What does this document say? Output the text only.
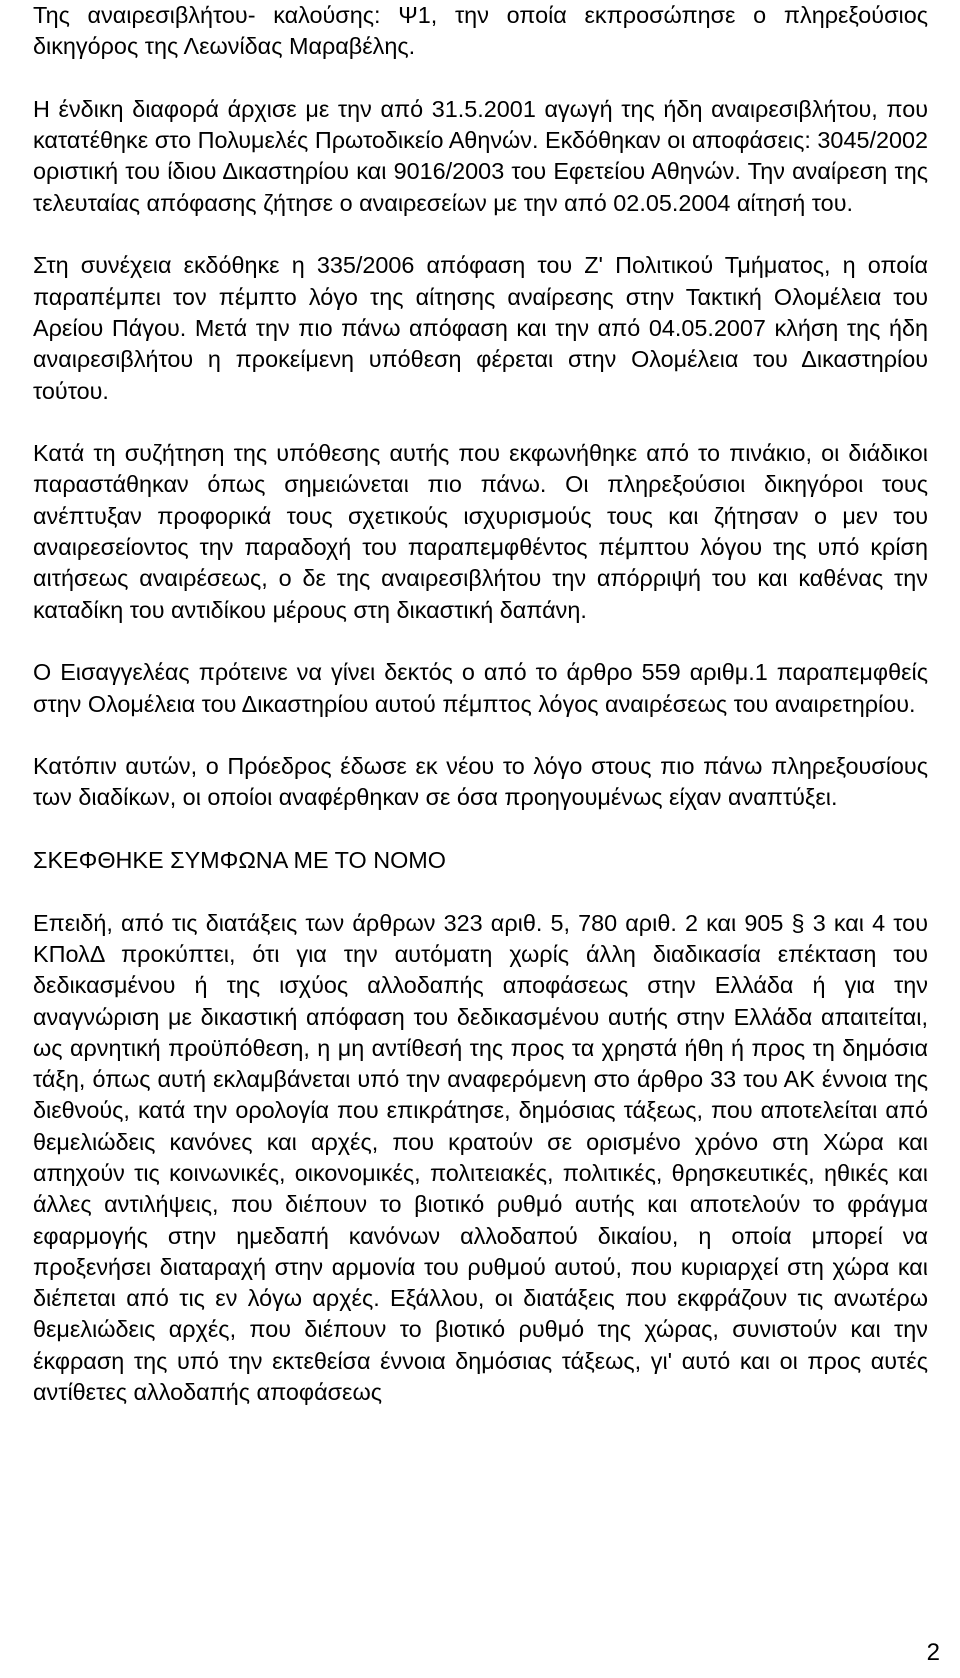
Της αναιρεσιβλήτου- καλούσης: Ψ1, την οποία εκπροσώπησε ο πληρεξούσιος δικηγόρος της Λεωνίδας Μαραβέλης.

Η ένδικη διαφορά άρχισε με την από 31.5.2001 αγωγή της ήδη αναιρεσιβλήτου, που κατατέθηκε στο Πολυμελές Πρωτοδικείο Αθηνών. Εκδόθηκαν οι αποφάσεις: 3045/2002 οριστική του ίδιου Δικαστηρίου και 9016/2003 του Εφετείου Αθηνών. Την αναίρεση της τελευταίας απόφασης ζήτησε ο αναιρεσείων με την από 02.05.2004 αίτησή του.

Στη συνέχεια εκδόθηκε η 335/2006 απόφαση του Ζ' Πολιτικού Τμήματος, η οποία παραπέμπει τον πέμπτο λόγο της αίτησης αναίρεσης στην Τακτική Ολομέλεια του Αρείου Πάγου. Μετά την πιο πάνω απόφαση και την από 04.05.2007 κλήση της ήδη αναιρεσιβλήτου η προκείμενη υπόθεση φέρεται στην Ολομέλεια του Δικαστηρίου τούτου.

Κατά τη συζήτηση της υπόθεσης αυτής που εκφωνήθηκε από το πινάκιο, οι διάδικοι παραστάθηκαν όπως σημειώνεται πιο πάνω. Οι πληρεξούσιοι δικηγόροι τους ανέπτυξαν προφορικά τους σχετικούς ισχυρισμούς τους και ζήτησαν ο μεν του αναιρεσείοντος την παραδοχή του παραπεμφθέντος πέμπτου λόγου της υπό κρίση αιτήσεως αναιρέσεως, ο δε της αναιρεσιβλήτου την απόρριψή του και καθένας την καταδίκη του αντιδίκου μέρους στη δικαστική δαπάνη.

Ο Εισαγγελέας πρότεινε να γίνει δεκτός ο από το άρθρο 559 αριθμ.1 παραπεμφθείς στην Ολομέλεια του Δικαστηρίου αυτού πέμπτος λόγος αναιρέσεως του αναιρετηρίου.

Κατόπιν αυτών, ο Πρόεδρος έδωσε εκ νέου το λόγο στους πιο πάνω πληρεξουσίους των διαδίκων, οι οποίοι αναφέρθηκαν σε όσα προηγουμένως είχαν αναπτύξει.

ΣΚΕΦΘΗΚΕ ΣΥΜΦΩΝΑ ΜΕ ΤΟ ΝΟΜΟ

Επειδή, από τις διατάξεις των άρθρων 323 αριθ. 5, 780 αριθ. 2 και 905 § 3 και 4 του ΚΠολΔ προκύπτει, ότι για την αυτόματη χωρίς άλλη διαδικασία επέκταση του δεδικασμένου ή της ισχύος αλλοδαπής αποφάσεως στην Ελλάδα ή για την αναγνώριση με δικαστική απόφαση του δεδικασμένου αυτής στην Ελλάδα απαιτείται, ως αρνητική προϋπόθεση, η μη αντίθεσή της προς τα χρηστά ήθη ή προς τη δημόσια τάξη, όπως αυτή εκλαμβάνεται υπό την αναφερόμενη στο άρθρο 33 του ΑΚ έννοια της διεθνούς, κατά την ορολογία που επικράτησε, δημόσιας τάξεως, που αποτελείται από θεμελιώδεις κανόνες και αρχές, που κρατούν σε ορισμένο χρόνο στη Χώρα και απηχούν τις κοινωνικές, οικονομικές, πολιτειακές, πολιτικές, θρησκευτικές, ηθικές και άλλες αντιλήψεις, που διέπουν το βιοτικό ρυθμό αυτής και αποτελούν το φράγμα εφαρμογής στην ημεδαπή κανόνων αλλοδαπού δικαίου, η οποία μπορεί να προξενήσει διαταραχή στην αρμονία του ρυθμού αυτού, που κυριαρχεί στη χώρα και διέπεται από τις εν λόγω αρχές. Εξάλλου, οι διατάξεις που εκφράζουν τις ανωτέρω θεμελιώδεις αρχές, που διέπουν το βιοτικό ρυθμό της χώρας, συνιστούν και την έκφραση της υπό την εκτεθείσα έννοια δημόσιας τάξεως, γι' αυτό και οι προς αυτές αντίθετες αλλοδαπής αποφάσεως

2
